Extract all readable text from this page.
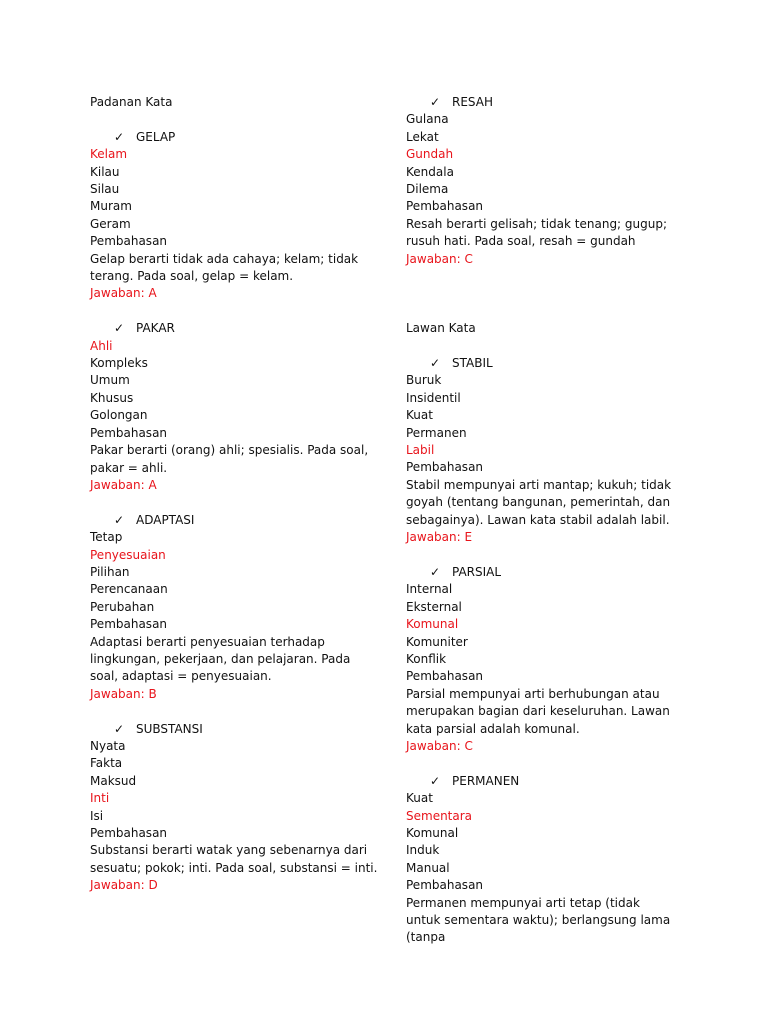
Padanan Kata
✓ GELAP
Kelam
Kilau
Silau
Muram
Geram
Pembahasan
Gelap berarti tidak ada cahaya; kelam; tidak terang. Pada soal, gelap = kelam.
Jawaban: A
✓ PAKAR
Ahli
Kompleks
Umum
Khusus
Golongan
Pembahasan
Pakar berarti (orang) ahli; spesialis. Pada soal, pakar = ahli.
Jawaban: A
✓ ADAPTASI
Tetap
Penyesuaian
Pilihan
Perencanaan
Perubahan
Pembahasan
Adaptasi berarti penyesuaian terhadap lingkungan, pekerjaan, dan pelajaran. Pada soal, adaptasi = penyesuaian.
Jawaban: B
✓ SUBSTANSI
Nyata
Fakta
Maksud
Inti
Isi
Pembahasan
Substansi berarti watak yang sebenarnya dari sesuatu; pokok; inti. Pada soal, substansi = inti.
Jawaban: D
✓ RESAH
Gulana
Lekat
Gundah
Kendala
Dilema
Pembahasan
Resah berarti gelisah; tidak tenang; gugup; rusuh hati. Pada soal, resah = gundah
Jawaban: C
Lawan Kata
✓ STABIL
Buruk
Insidentil
Kuat
Permanen
Labil
Pembahasan
Stabil mempunyai arti mantap; kukuh; tidak goyah (tentang bangunan, pemerintah, dan sebagainya). Lawan kata stabil adalah labil.
Jawaban: E
✓ PARSIAL
Internal
Eksternal
Komunal
Komuniter
Konflik
Pembahasan
Parsial mempunyai arti berhubungan atau merupakan bagian dari keseluruhan. Lawan kata parsial adalah komunal.
Jawaban: C
✓ PERMANEN
Kuat
Sementara
Komunal
Induk
Manual
Pembahasan
Permanen mempunyai arti tetap (tidak untuk sementara waktu); berlangsung lama (tanpa
